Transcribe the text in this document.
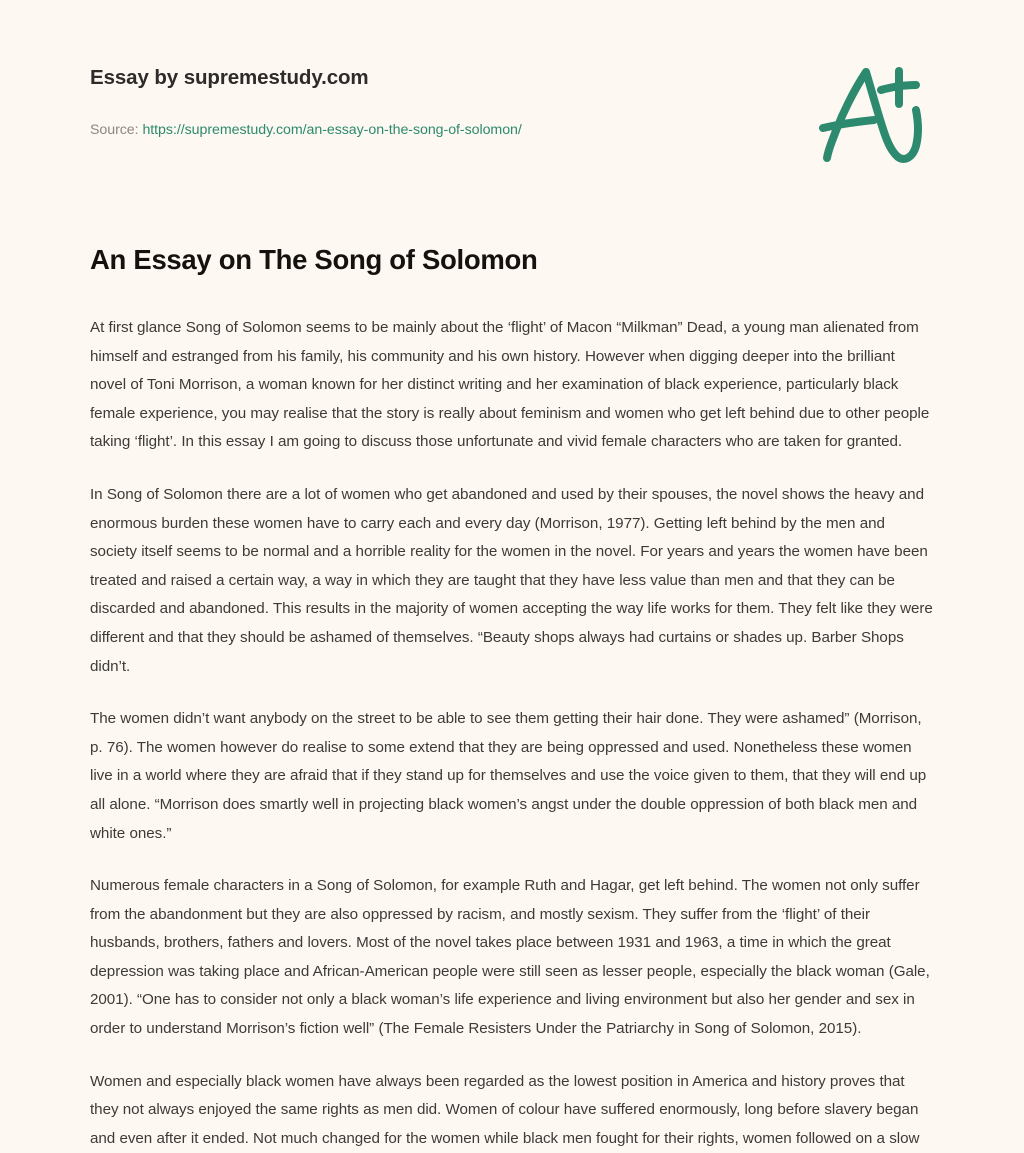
Essay by supremestudy.com
Source: https://supremestudy.com/an-essay-on-the-song-of-solomon/
An Essay on The Song of Solomon

At first glance Song of Solomon seems to be mainly about the ‘flight’ of Macon “Milkman” Dead, a young man alienated from himself and estranged from his family, his community and his own history. However when digging deeper into the brilliant novel of Toni Morrison, a woman known for her distinct writing and her examination of black experience, particularly black female experience, you may realise that the story is really about feminism and women who get left behind due to other people taking ‘flight’. In this essay I am going to discuss those unfortunate and vivid female characters who are taken for granted.

In Song of Solomon there are a lot of women who get abandoned and used by their spouses, the novel shows the heavy and enormous burden these women have to carry each and every day (Morrison, 1977). Getting left behind by the men and society itself seems to be normal and a horrible reality for the women in the novel. For years and years the women have been treated and raised a certain way, a way in which they are taught that they have less value than men and that they can be discarded and abandoned. This results in the majority of women accepting the way life works for them. They felt like they were different and that they should be ashamed of themselves. “Beauty shops always had curtains or shades up. Barber Shops didn’t.

The women didn’t want anybody on the street to be able to see them getting their hair done. They were ashamed” (Morrison, p. 76). The women however do realise to some extend that they are being oppressed and used. Nonetheless these women live in a world where they are afraid that if they stand up for themselves and use the voice given to them, that they will end up all alone. “Morrison does smartly well in projecting black women’s angst under the double oppression of both black men and white ones.”

Numerous female characters in a Song of Solomon, for example Ruth and Hagar, get left behind. The women not only suffer from the abandonment but they are also oppressed by racism, and mostly sexism. They suffer from the ‘flight’ of their husbands, brothers, fathers and lovers. Most of the novel takes place between 1931 and 1963, a time in which the great depression was taking place and African-American people were still seen as lesser people, especially the black woman (Gale, 2001). “One has to consider not only a black woman’s life experience and living environment but also her gender and sex in order to understand Morrison’s fiction well” (The Female Resisters Under the Patriarchy in Song of Solomon, 2015).

Women and especially black women have always been regarded as the lowest position in America and history proves that they not always enjoyed the same rights as men did. Women of colour have suffered enormously, long before slavery began and even after it ended. Not much changed for the women while black men fought for their rights, women followed on a slow
